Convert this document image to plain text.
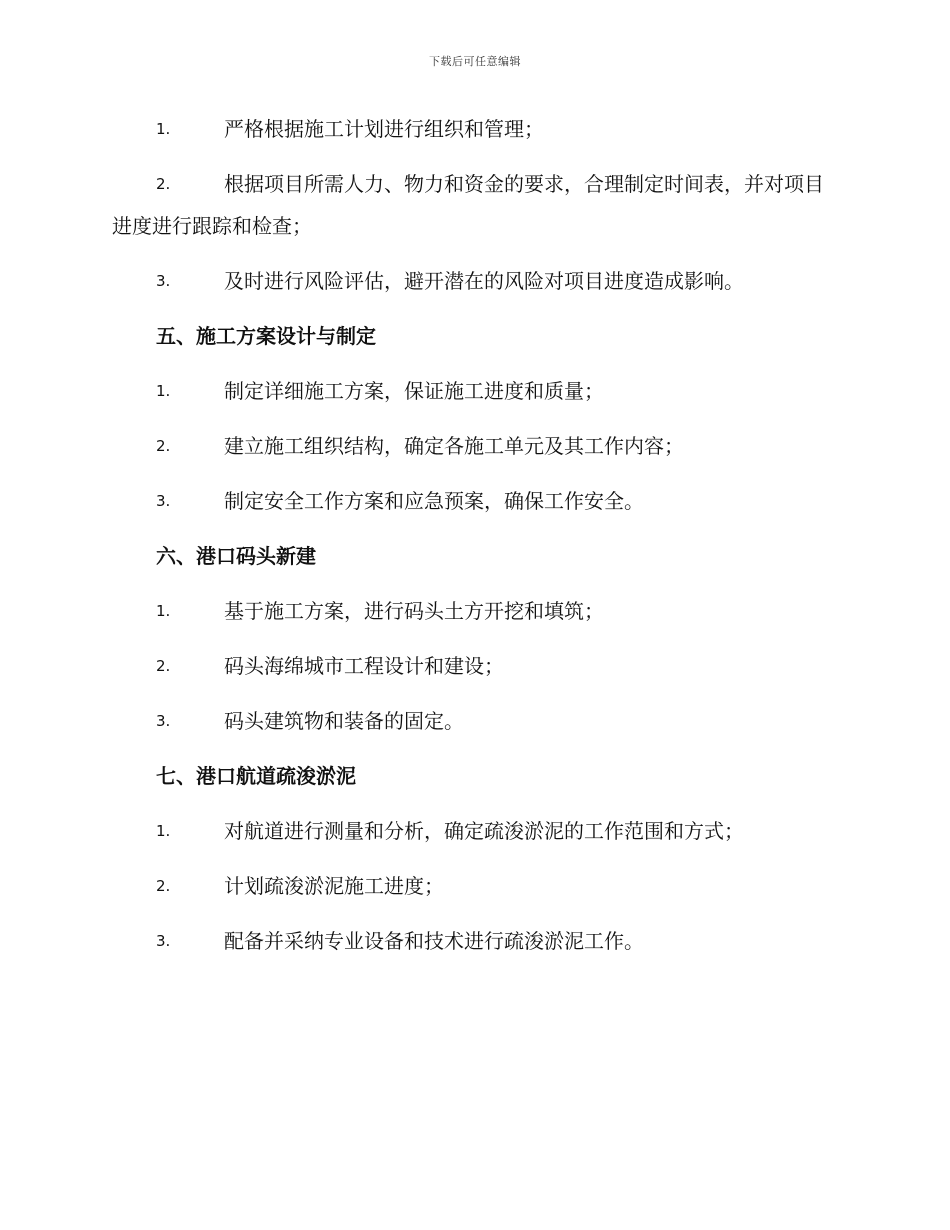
下载后可任意编辑
1.	严格根据施工计划进行组织和管理；
2.	根据项目所需人力、物力和资金的要求，合理制定时间表，并对项目进度进行跟踪和检查；
3.	及时进行风险评估，避开潜在的风险对项目进度造成影响。
五、施工方案设计与制定
1.	制定详细施工方案，保证施工进度和质量；
2.	建立施工组织结构，确定各施工单元及其工作内容；
3.	制定安全工作方案和应急预案，确保工作安全。
六、港口码头新建
1.	基于施工方案，进行码头土方开挖和填筑；
2.	码头海绵城市工程设计和建设；
3.	码头建筑物和装备的固定。
七、港口航道疏浚淤泥
1.	对航道进行测量和分析，确定疏浚淤泥的工作范围和方式；
2.	计划疏浚淤泥施工进度；
3.	配备并采纳专业设备和技术进行疏浚淤泥工作。
